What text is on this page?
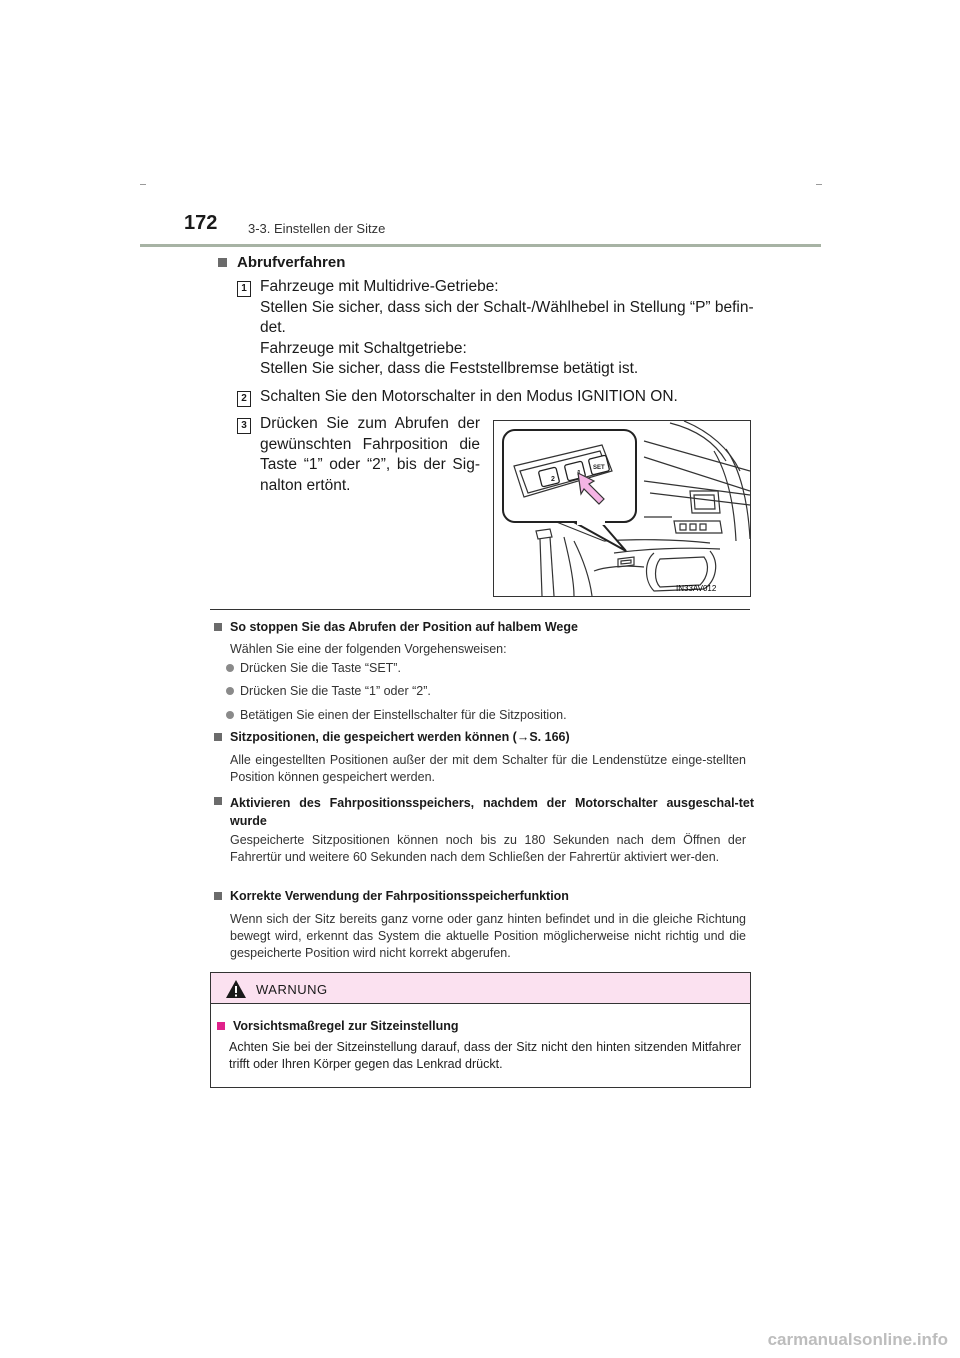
172 3-3. Einstellen der Sitze
Abrufverfahren
1 Fahrzeuge mit Multidrive-Getriebe:
Stellen Sie sicher, dass sich der Schalt-/Wählhebel in Stellung “P” befin-
det.
Fahrzeuge mit Schaltgetriebe:
Stellen Sie sicher, dass die Feststellbremse betätigt ist.
2 Schalten Sie den Motorschalter in den Modus IGNITION ON.
3 Drücken Sie zum Abrufen der
gewünschten Fahrposition die
Taste “1” oder “2”, bis der Sig-
nalton ertönt.	2
SET
IN33AV012
So stoppen Sie das Abrufen der Position auf halbem Wege
Wählen Sie eine der folgenden Vorgehensweisen:
Drücken Sie die Taste “SET”.
Drücken Sie die Taste “1” oder “2”.
Betätigen Sie einen der Einstellschalter für die Sitzposition.
Sitzpositionen, die gespeichert werden können (→S. 166)
Alle eingestellten Positionen außer der mit dem Schalter für die Lendenstütze einge-stellten Position können gespeichert werden.
Aktivieren des Fahrpositionsspeichers, nachdem der Motorschalter ausgeschal-tet wurde
Gespeicherte Sitzpositionen können noch bis zu 180 Sekunden nach dem Öffnen der Fahrertür und weitere 60 Sekunden nach dem Schließen der Fahrertür aktiviert wer-den.
Korrekte Verwendung der Fahrpositionsspeicherfunktion
Wenn sich der Sitz bereits ganz vorne oder ganz hinten befindet und in die gleiche Richtung bewegt wird, erkennt das System die aktuelle Position möglicherweise nicht richtig und die gespeicherte Position wird nicht korrekt abgerufen.
WARNUNG
Vorsichtsmaßregel zur Sitzeinstellung
Achten Sie bei der Sitzeinstellung darauf, dass der Sitz nicht den hinten sitzenden Mitfahrer trifft oder Ihren Körper gegen das Lenkrad drückt.
carmanualsonline.info
